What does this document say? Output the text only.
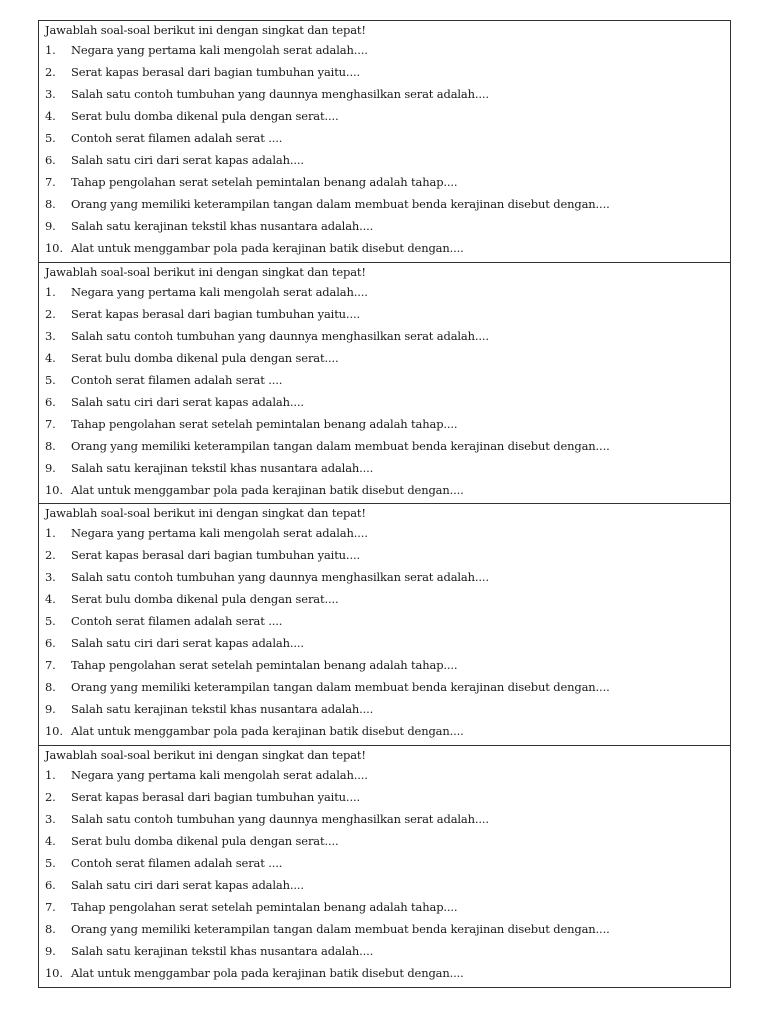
Jawablah soal-soal berikut ini dengan singkat dan tepat!
1.	Negara yang pertama kali mengolah serat adalah....
2.	Serat kapas berasal dari bagian tumbuhan yaitu....
3.	Salah satu contoh tumbuhan yang daunnya menghasilkan serat adalah....
4.	Serat bulu domba dikenal pula dengan serat....
5.	Contoh serat filamen adalah serat ....
6.	Salah satu ciri dari serat kapas adalah....
7.	Tahap pengolahan serat setelah pemintalan benang adalah tahap....
8.	Orang yang memiliki keterampilan tangan dalam membuat benda kerajinan disebut dengan....
9.	Salah satu kerajinan tekstil khas nusantara adalah....
10. Alat untuk menggambar pola pada kerajinan batik disebut dengan....
Jawablah soal-soal berikut ini dengan singkat dan tepat!
1.	Negara yang pertama kali mengolah serat adalah....
2.	Serat kapas berasal dari bagian tumbuhan yaitu....
3.	Salah satu contoh tumbuhan yang daunnya menghasilkan serat adalah....
4.	Serat bulu domba dikenal pula dengan serat....
5.	Contoh serat filamen adalah serat ....
6.	Salah satu ciri dari serat kapas adalah....
7.	Tahap pengolahan serat setelah pemintalan benang adalah tahap....
8.	Orang yang memiliki keterampilan tangan dalam membuat benda kerajinan disebut dengan....
9.	Salah satu kerajinan tekstil khas nusantara adalah....
10. Alat untuk menggambar pola pada kerajinan batik disebut dengan....
Jawablah soal-soal berikut ini dengan singkat dan tepat!
1.	Negara yang pertama kali mengolah serat adalah....
2.	Serat kapas berasal dari bagian tumbuhan yaitu....
3.	Salah satu contoh tumbuhan yang daunnya menghasilkan serat adalah....
4.	Serat bulu domba dikenal pula dengan serat....
5.	Contoh serat filamen adalah serat ....
6.	Salah satu ciri dari serat kapas adalah....
7.	Tahap pengolahan serat setelah pemintalan benang adalah tahap....
8.	Orang yang memiliki keterampilan tangan dalam membuat benda kerajinan disebut dengan....
9.	Salah satu kerajinan tekstil khas nusantara adalah....
10. Alat untuk menggambar pola pada kerajinan batik disebut dengan....
Jawablah soal-soal berikut ini dengan singkat dan tepat!
1.	Negara yang pertama kali mengolah serat adalah....
2.	Serat kapas berasal dari bagian tumbuhan yaitu....
3.	Salah satu contoh tumbuhan yang daunnya menghasilkan serat adalah....
4.	Serat bulu domba dikenal pula dengan serat....
5.	Contoh serat filamen adalah serat ....
6.	Salah satu ciri dari serat kapas adalah....
7.	Tahap pengolahan serat setelah pemintalan benang adalah tahap....
8.	Orang yang memiliki keterampilan tangan dalam membuat benda kerajinan disebut dengan....
9.	Salah satu kerajinan tekstil khas nusantara adalah....
10. Alat untuk menggambar pola pada kerajinan batik disebut dengan....
